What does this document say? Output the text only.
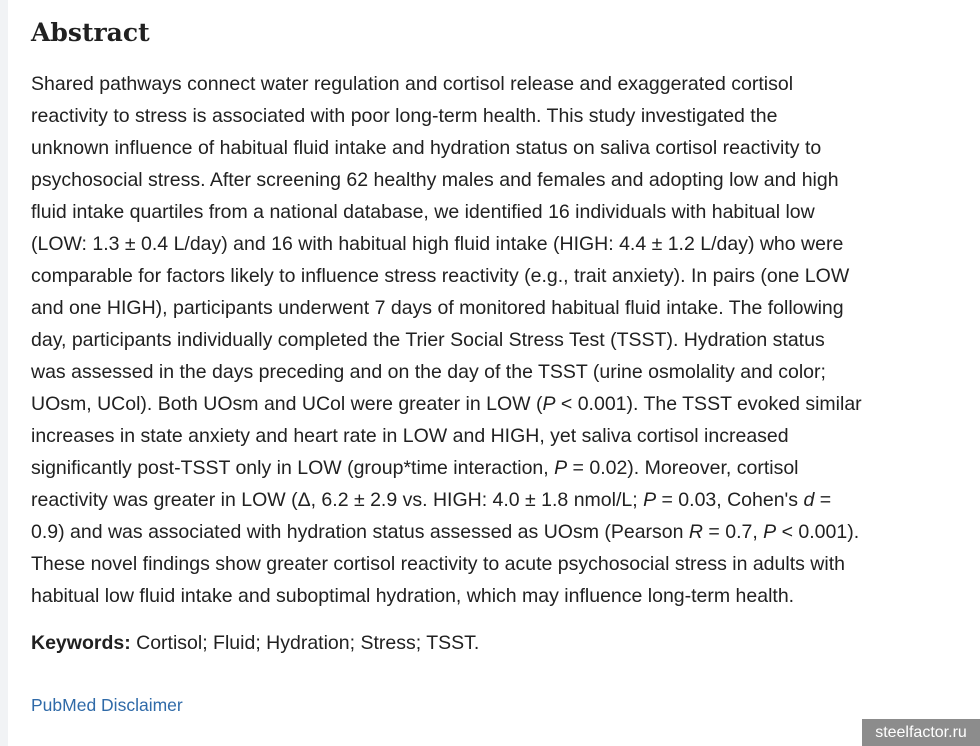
Abstract

Shared pathways connect water regulation and cortisol release and exaggerated cortisol
reactivity to stress is associated with poor long-term health. This study investigated the
unknown influence of habitual fluid intake and hydration status on saliva cortisol reactivity to
psychosocial stress. After screening 62 healthy males and females and adopting low and high
fluid intake quartiles from a national database, we identified 16 individuals with habitual low
(LOW: 1.3 ± 0.4 L/day) and 16 with habitual high fluid intake (HIGH: 4.4 ± 1.2 L/day) who were
comparable for factors likely to influence stress reactivity (e.g., trait anxiety). In pairs (one LOW
and one HIGH), participants underwent 7 days of monitored habitual fluid intake. The following
day, participants individually completed the Trier Social Stress Test (TSST). Hydration status
was assessed in the days preceding and on the day of the TSST (urine osmolality and color;
UOsm, UCol). Both UOsm and UCol were greater in LOW (P < 0.001). The TSST evoked similar
increases in state anxiety and heart rate in LOW and HIGH, yet saliva cortisol increased
significantly post-TSST only in LOW (group*time interaction, P = 0.02). Moreover, cortisol
reactivity was greater in LOW (Δ, 6.2 ± 2.9 vs. HIGH: 4.0 ± 1.8 nmol/L; P = 0.03, Cohen's d =
0.9) and was associated with hydration status assessed as UOsm (Pearson R = 0.7, P < 0.001).
These novel findings show greater cortisol reactivity to acute psychosocial stress in adults with
habitual low fluid intake and suboptimal hydration, which may influence long-term health.

Keywords: Cortisol; Fluid; Hydration; Stress; TSST.

PubMed Disclaimer
steelfactor.ru
